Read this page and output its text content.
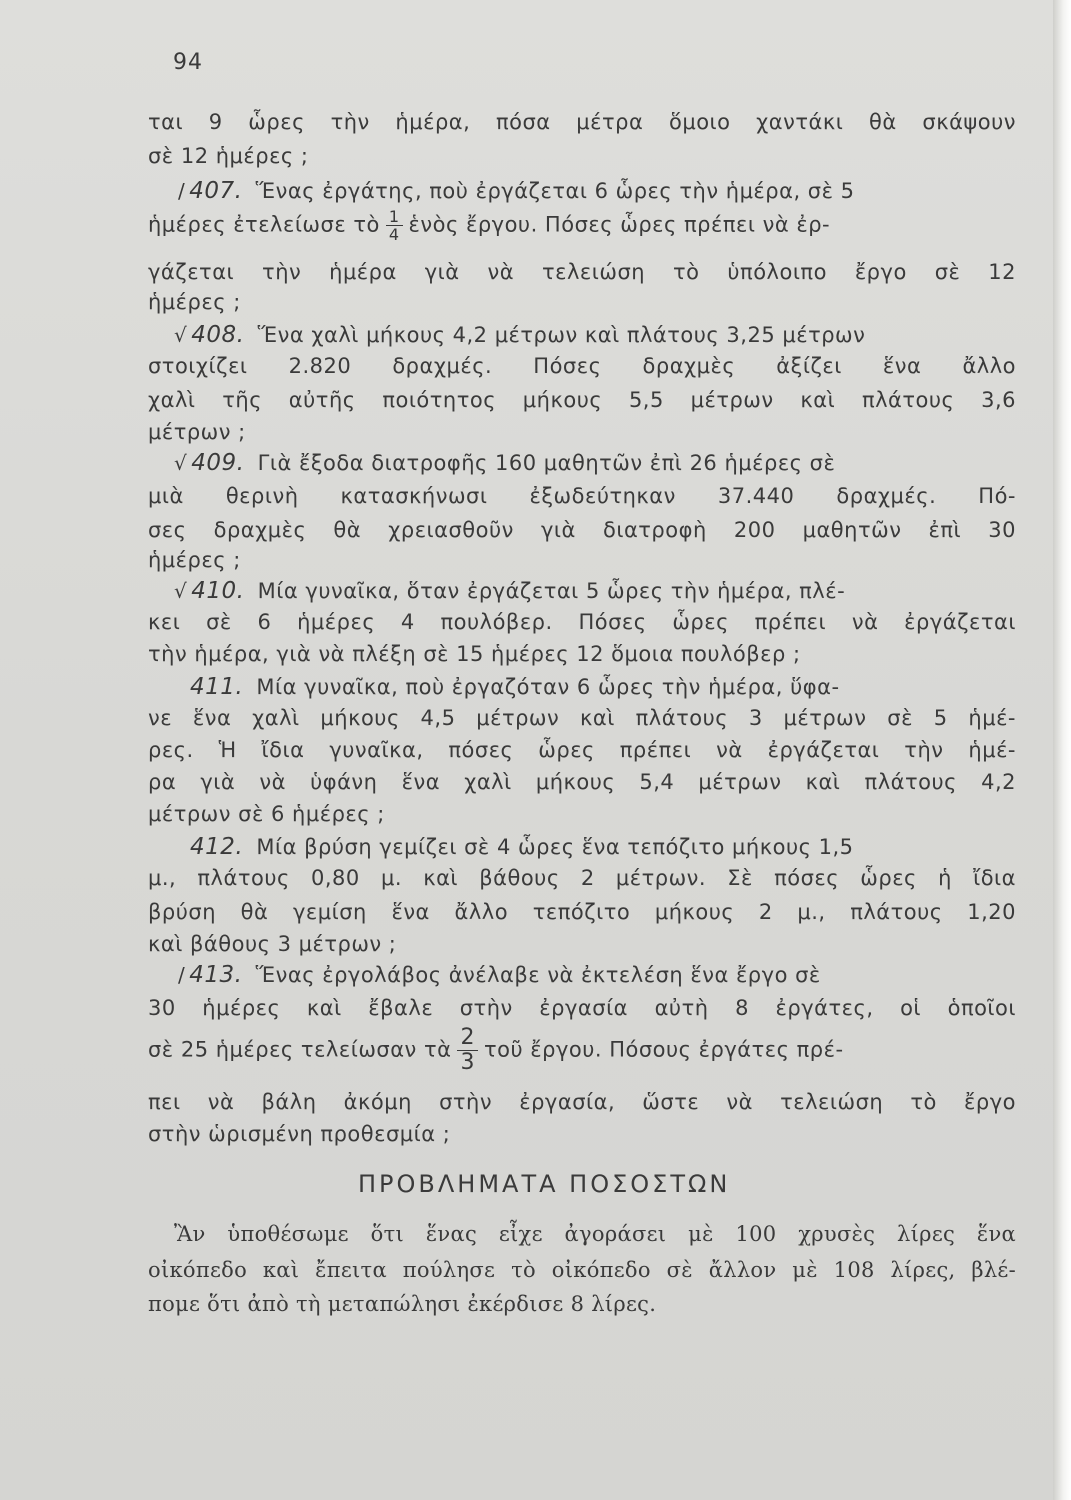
94
ται 9 ὧρες τὴν ἡμέρα, πόσα μέτρα ὅμοιο χαντάκι θὰ σκάψουν
σὲ 12 ἡμέρες ;
/ 407. Ἕνας ἐργάτης, ποὺ ἐργάζεται 6 ὧρες τὴν ἡμέρα, σὲ 5
ἡμέρες ἐτελείωσε τὸ $\frac{1}{4}$ ἑνὸς ἔργου. Πόσες ὧρες πρέπει νὰ ἐρ-
γάζεται τὴν ἡμέρα γιὰ νὰ τελειώση τὸ ὑπόλοιπο ἔργο σὲ 12
ἡμέρες ;
√ 408. Ἕνα χαλὶ μήκους 4,2 μέτρων καὶ πλάτους 3,25 μέτρων
στοιχίζει 2.820 δραχμές. Πόσες δραχμὲς ἀξίζει ἕνα ἄλλο
χαλὶ τῆς αὐτῆς ποιότητος μήκους 5,5 μέτρων καὶ πλάτους 3,6
μέτρων ;
√ 409. Γιὰ ἔξοδα διατροφῆς 160 μαθητῶν ἐπὶ 26 ἡμέρες σὲ
μιὰ θερινὴ κατασκήνωσι ἐξωδεύτηκαν 37.440 δραχμές. Πό-
σες δραχμὲς θὰ χρειασθοῦν γιὰ διατροφὴ 200 μαθητῶν ἐπὶ 30
ἡμέρες ;
√ 410. Μία γυναῖκα, ὅταν ἐργάζεται 5 ὧρες τὴν ἡμέρα, πλέ-
κει σὲ 6 ἡμέρες 4 πουλόβερ. Πόσες ὧρες πρέπει νὰ ἐργάζεται
τὴν ἡμέρα, γιὰ νὰ πλέξη σὲ 15 ἡμέρες 12 ὅμοια πουλόβερ ;
411. Μία γυναῖκα, ποὺ ἐργαζόταν 6 ὧρες τὴν ἡμέρα, ὕφα-
νε ἕνα χαλὶ μήκους 4,5 μέτρων καὶ πλάτους 3 μέτρων σὲ 5 ἡμέ-
ρες. Ἡ ἴδια γυναῖκα, πόσες ὧρες πρέπει νὰ ἐργάζεται τὴν ἡμέ-
ρα γιὰ νὰ ὑφάνη ἕνα χαλὶ μήκους 5,4 μέτρων καὶ πλάτους 4,2
μέτρων σὲ 6 ἡμέρες ;
412. Μία βρύση γεμίζει σὲ 4 ὧρες ἕνα τεπόζιτο μήκους 1,5
μ., πλάτους 0,80 μ. καὶ βάθους 2 μέτρων. Σὲ πόσες ὧρες ἡ ἴδια
βρύση θὰ γεμίση ἕνα ἄλλο τεπόζιτο μήκους 2 μ., πλάτους 1,20
καὶ βάθους 3 μέτρων ;
/ 413. Ἕνας ἐργολάβος ἀνέλαβε νὰ ἐκτελέση ἕνα ἔργο σὲ
30 ἡμέρες καὶ ἔβαλε στὴν ἐργασία αὐτὴ 8 ἐργάτες, οἱ ὁποῖοι
σὲ 25 ἡμέρες τελείωσαν τὰ $\frac{2}{3}$ τοῦ ἔργου. Πόσους ἐργάτες πρέ-
πει νὰ βάλη ἀκόμη στὴν ἐργασία, ὥστε νὰ τελειώση τὸ ἔργο
στὴν ὡρισμένη προθεσμία ;
ΠΡΟΒΛΗΜΑΤΑ ΠΟΣΟΣΤΩΝ
Ἂν ὑποθέσωμε ὅτι ἕνας εἶχε ἀγοράσει μὲ 100 χρυσὲς λίρες ἕνα
οἰκόπεδο καὶ ἔπειτα πούλησε τὸ οἰκόπεδο σὲ ἄλλον μὲ 108 λίρες, βλέ-
πομε ὅτι ἀπὸ τὴ μεταπώλησι ἐκέρδισε 8 λίρες.
